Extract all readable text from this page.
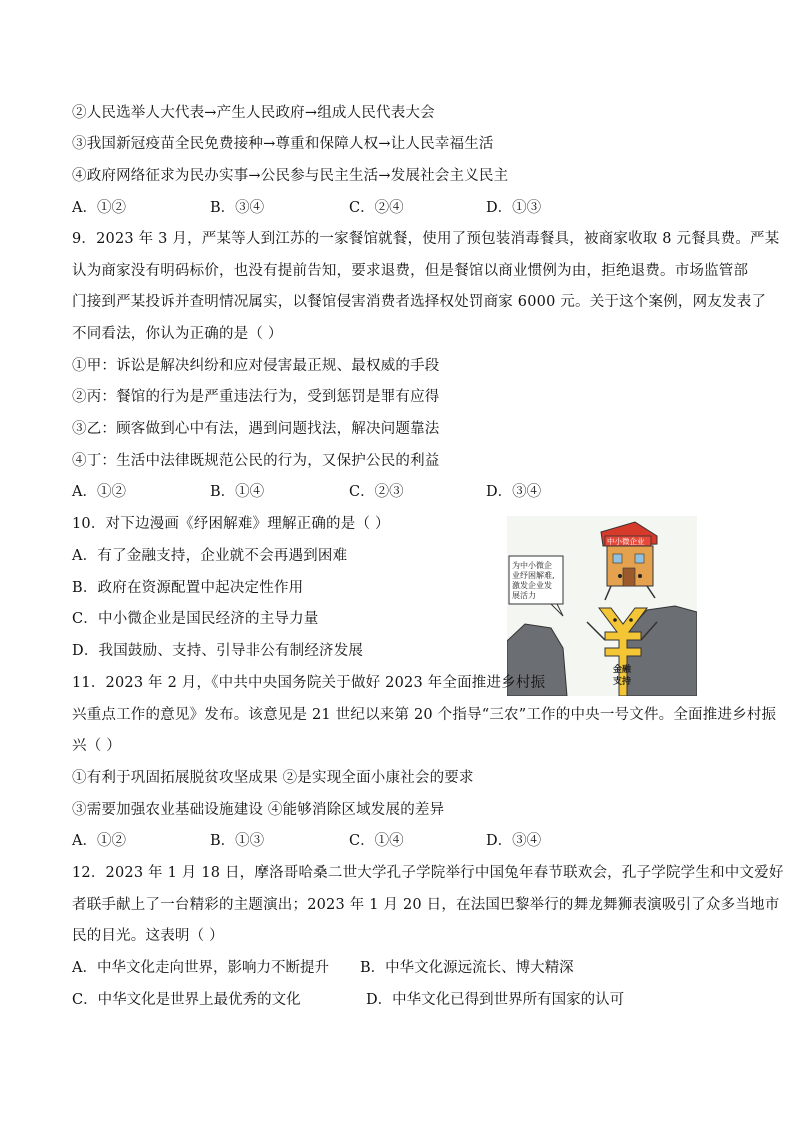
②人民选举人大代表→产生人民政府→组成人民代表大会
③我国新冠疫苗全民免费接种→尊重和保障人权→让人民幸福生活
④政府网络征求为民办实事→公民参与民主生活→发展社会主义民主
A．①②	B．③④	C．②④	D．①③
9．2023 年 3 月，严某等人到江苏的一家餐馆就餐，使用了预包装消毒餐具，被商家收取 8 元餐具费。严某
认为商家没有明码标价，也没有提前告知，要求退费，但是餐馆以商业惯例为由，拒绝退费。市场监管部
门接到严某投诉并查明情况属实，以餐馆侵害消费者选择权处罚商家 6000 元。关于这个案例，网友发表了
不同看法，你认为正确的是（ ）
①甲：诉讼是解决纠纷和应对侵害最正规、最权威的手段
②丙：餐馆的行为是严重违法行为，受到惩罚是罪有应得
③乙：顾客做到心中有法，遇到问题找法，解决问题靠法
④丁：生活中法律既规范公民的行为，又保护公民的利益
A．①②	B．①④	C．②③	D．③④
10．对下边漫画《纾困解难》理解正确的是（ ）
A．有了金融支持，企业就不会再遇到困难
B．政府在资源配置中起决定性作用
C．中小微企业是国民经济的主导力量
D．我国鼓励、支持、引导非公有制经济发展
为中小微企
业纾困解难,
激发企业发
展活力
中小微企业
金融
支持
11．2023 年 2 月，《中共中央国务院关于做好 2023 年全面推进乡村振
兴重点工作的意见》发布。该意见是 21 世纪以来第 20 个指导“三农”工作的中央一号文件。全面推进乡村振
兴（ ）
①有利于巩固拓展脱贫攻坚成果 ②是实现全面小康社会的要求
③需要加强农业基础设施建设 ④能够消除区域发展的差异
A．①②	B．①③	C．①④	D．③④
12．2023 年 1 月 18 日，摩洛哥哈桑二世大学孔子学院举行中国兔年春节联欢会，孔子学院学生和中文爱好
者联手献上了一台精彩的主题演出；2023 年 1 月 20 日，在法国巴黎举行的舞龙舞狮表演吸引了众多当地市
民的目光。这表明（ ）
A．中华文化走向世界，影响力不断提升 B．中华文化源远流长、博大精深
C．中华文化是世界上最优秀的文化	D．中华文化已得到世界所有国家的认可
